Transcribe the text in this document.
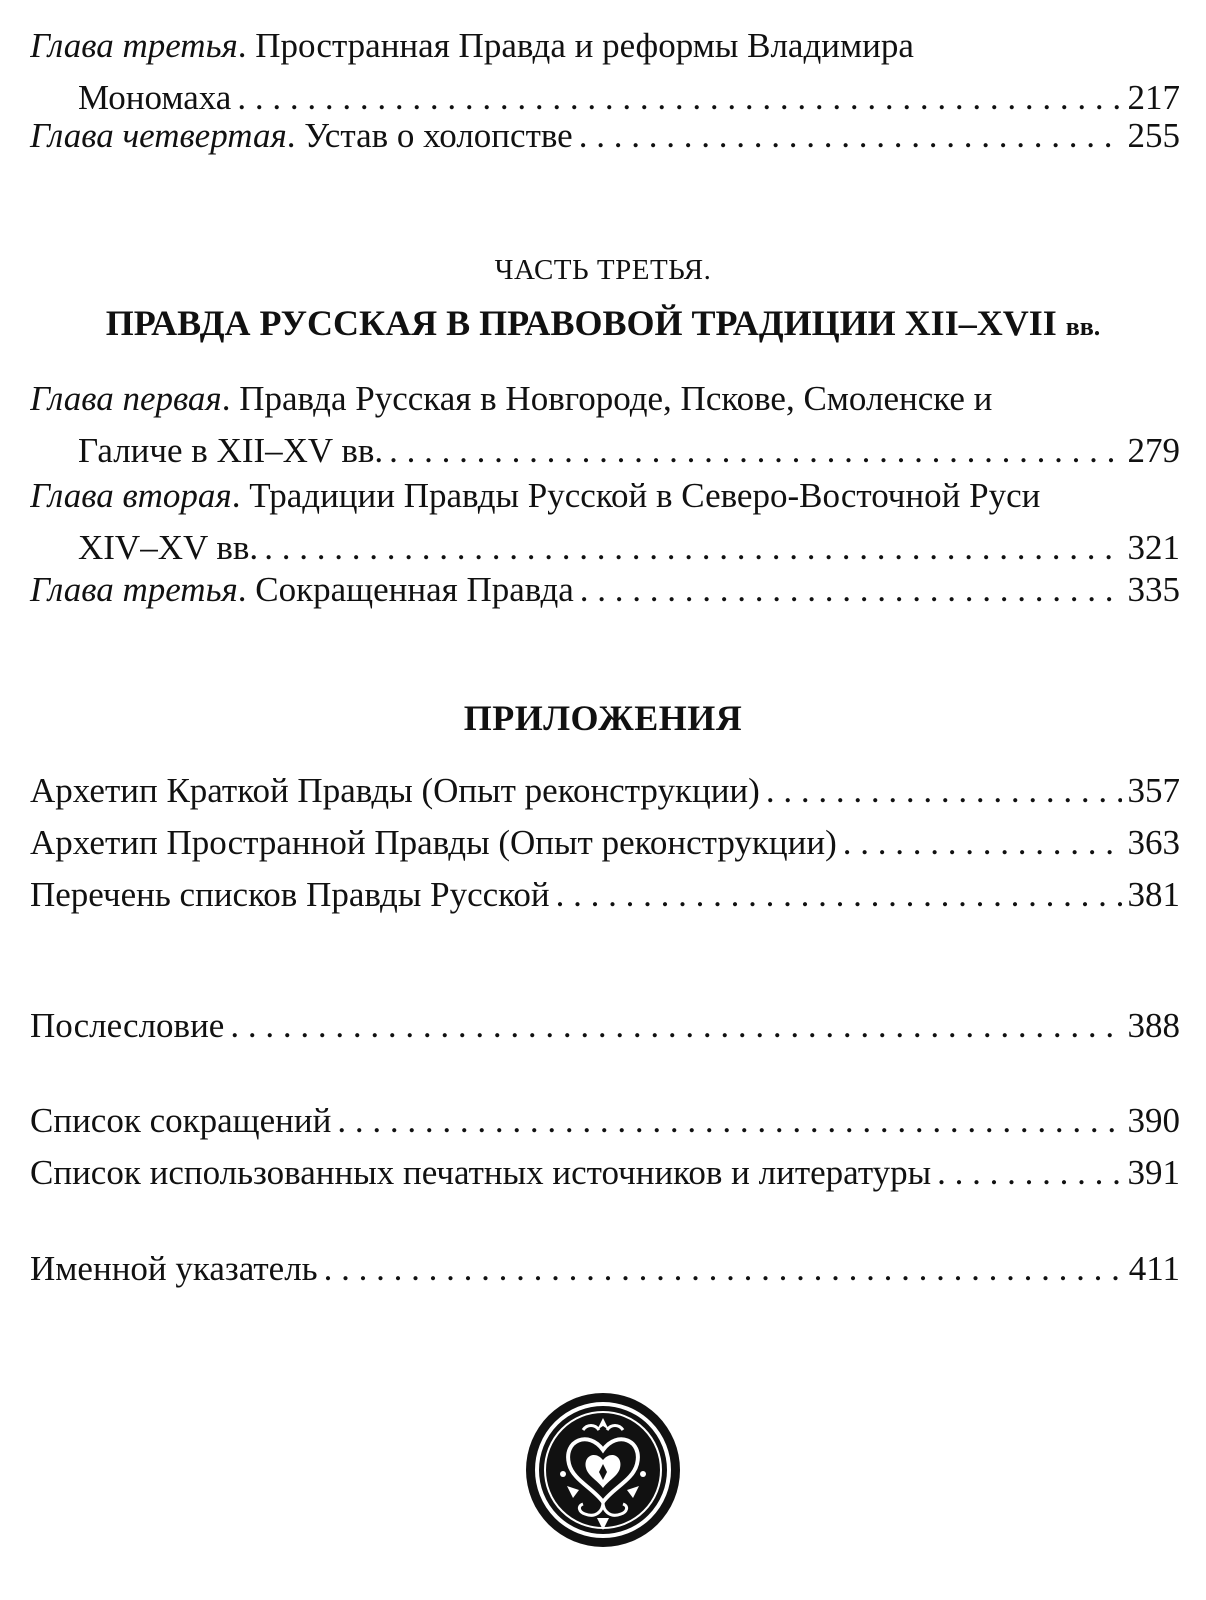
Глава третья. Пространная Правда и реформы Владимира
Мономаха . . .	217
Глава четвертая. Устав о холопстве . . .	255
ЧАСТЬ ТРЕТЬЯ.
ПРАВДА РУССКАЯ В ПРАВОВОЙ ТРАДИЦИИ XII–XVII вв.
Глава первая. Правда Русская в Новгороде, Пскове, Смоленске и
Галиче в XII–XV вв. . . .	279
Глава вторая. Традиции Правды Русской в Северо-Восточной Руси
XIV–XV вв. . . .	321
Глава третья. Сокращенная Правда . . .	335
ПРИЛОЖЕНИЯ
Архетип Краткой Правды (Опыт реконструкции) . . .	357
Архетип Пространной Правды (Опыт реконструкции) . . .	363
Перечень списков Правды Русской . . .	381
Послесловие . . .	388
Список сокращений . . .	390
Список использованных печатных источников и литературы . . .	391
Именной указатель . . .	411
